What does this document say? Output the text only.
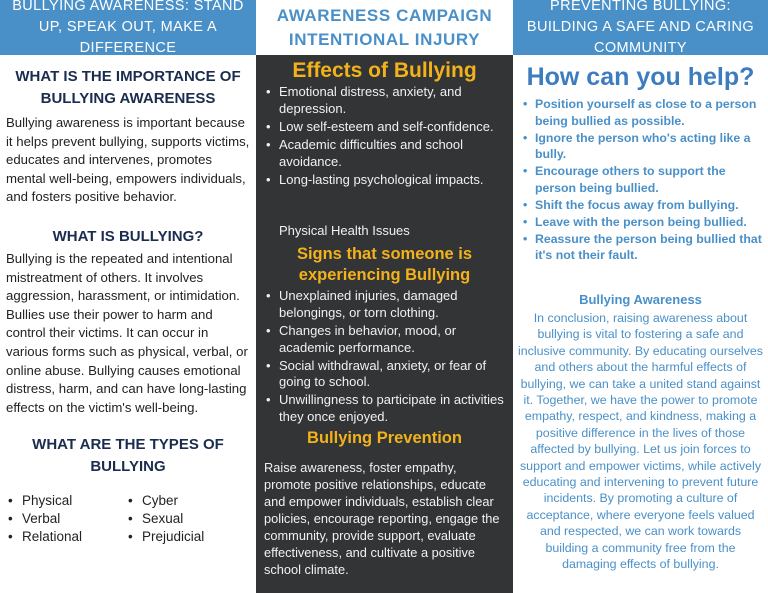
BULLYING AWARENESS: STAND UP, SPEAK OUT, MAKE A DIFFERENCE
WHAT IS THE IMPORTANCE OF BULLYING AWARENESS

Bullying awareness is important because it helps prevent bullying, supports victims, educates and intervenes, promotes mental well-being, empowers individuals, and fosters positive behavior.

WHAT IS BULLYING?

Bullying is the repeated and intentional mistreatment of others. It involves aggression, harassment, or intimidation. Bullies use their power to harm and control their victims. It can occur in various forms such as physical, verbal, or online abuse. Bullying causes emotional distress, harm, and can have long-lasting effects on the victim's well-being.

WHAT ARE THE TYPES OF BULLYING
• Physical	• Cyber
• Verbal	• Sexual
• Relational	• Prejudicial
AWARENESS CAMPAIGN INTENTIONAL INJURY
Effects of Bullying
• Emotional distress, anxiety, and depression.
• Low self-esteem and self-confidence.
• Academic difficulties and school avoidance.
• Long-lasting psychological impacts.
Physical Health Issues
Signs that someone is experiencing Bullying
• Unexplained injuries, damaged belongings, or torn clothing.
• Changes in behavior, mood, or academic performance.
• Social withdrawal, anxiety, or fear of going to school.
• Unwillingness to participate in activities they once enjoyed.
Bullying Prevention

Raise awareness, foster empathy, promote positive relationships, educate and empower individuals, establish clear policies, encourage reporting, engage the community, provide support, evaluate effectiveness, and cultivate a positive school climate.

PREVENTING BULLYING: BUILDING A SAFE AND CARING COMMUNITY
How can you help?
• Position yourself as close to a person being bullied as possible.
• Ignore the person who's acting like a bully.
• Encourage others to support the person being bullied.
• Shift the focus away from bullying.
• Leave with the person being bullied.
• Reassure the person being bullied that it's not their fault.
Bullying Awareness

In conclusion, raising awareness about bullying is vital to fostering a safe and inclusive community. By educating ourselves and others about the harmful effects of bullying, we can take a united stand against it. Together, we have the power to promote empathy, respect, and kindness, making a positive difference in the lives of those affected by bullying. Let us join forces to support and empower victims, while actively educating and intervening to prevent future incidents. By promoting a culture of acceptance, where everyone feels valued and respected, we can work towards building a community free from the damaging effects of bullying.
